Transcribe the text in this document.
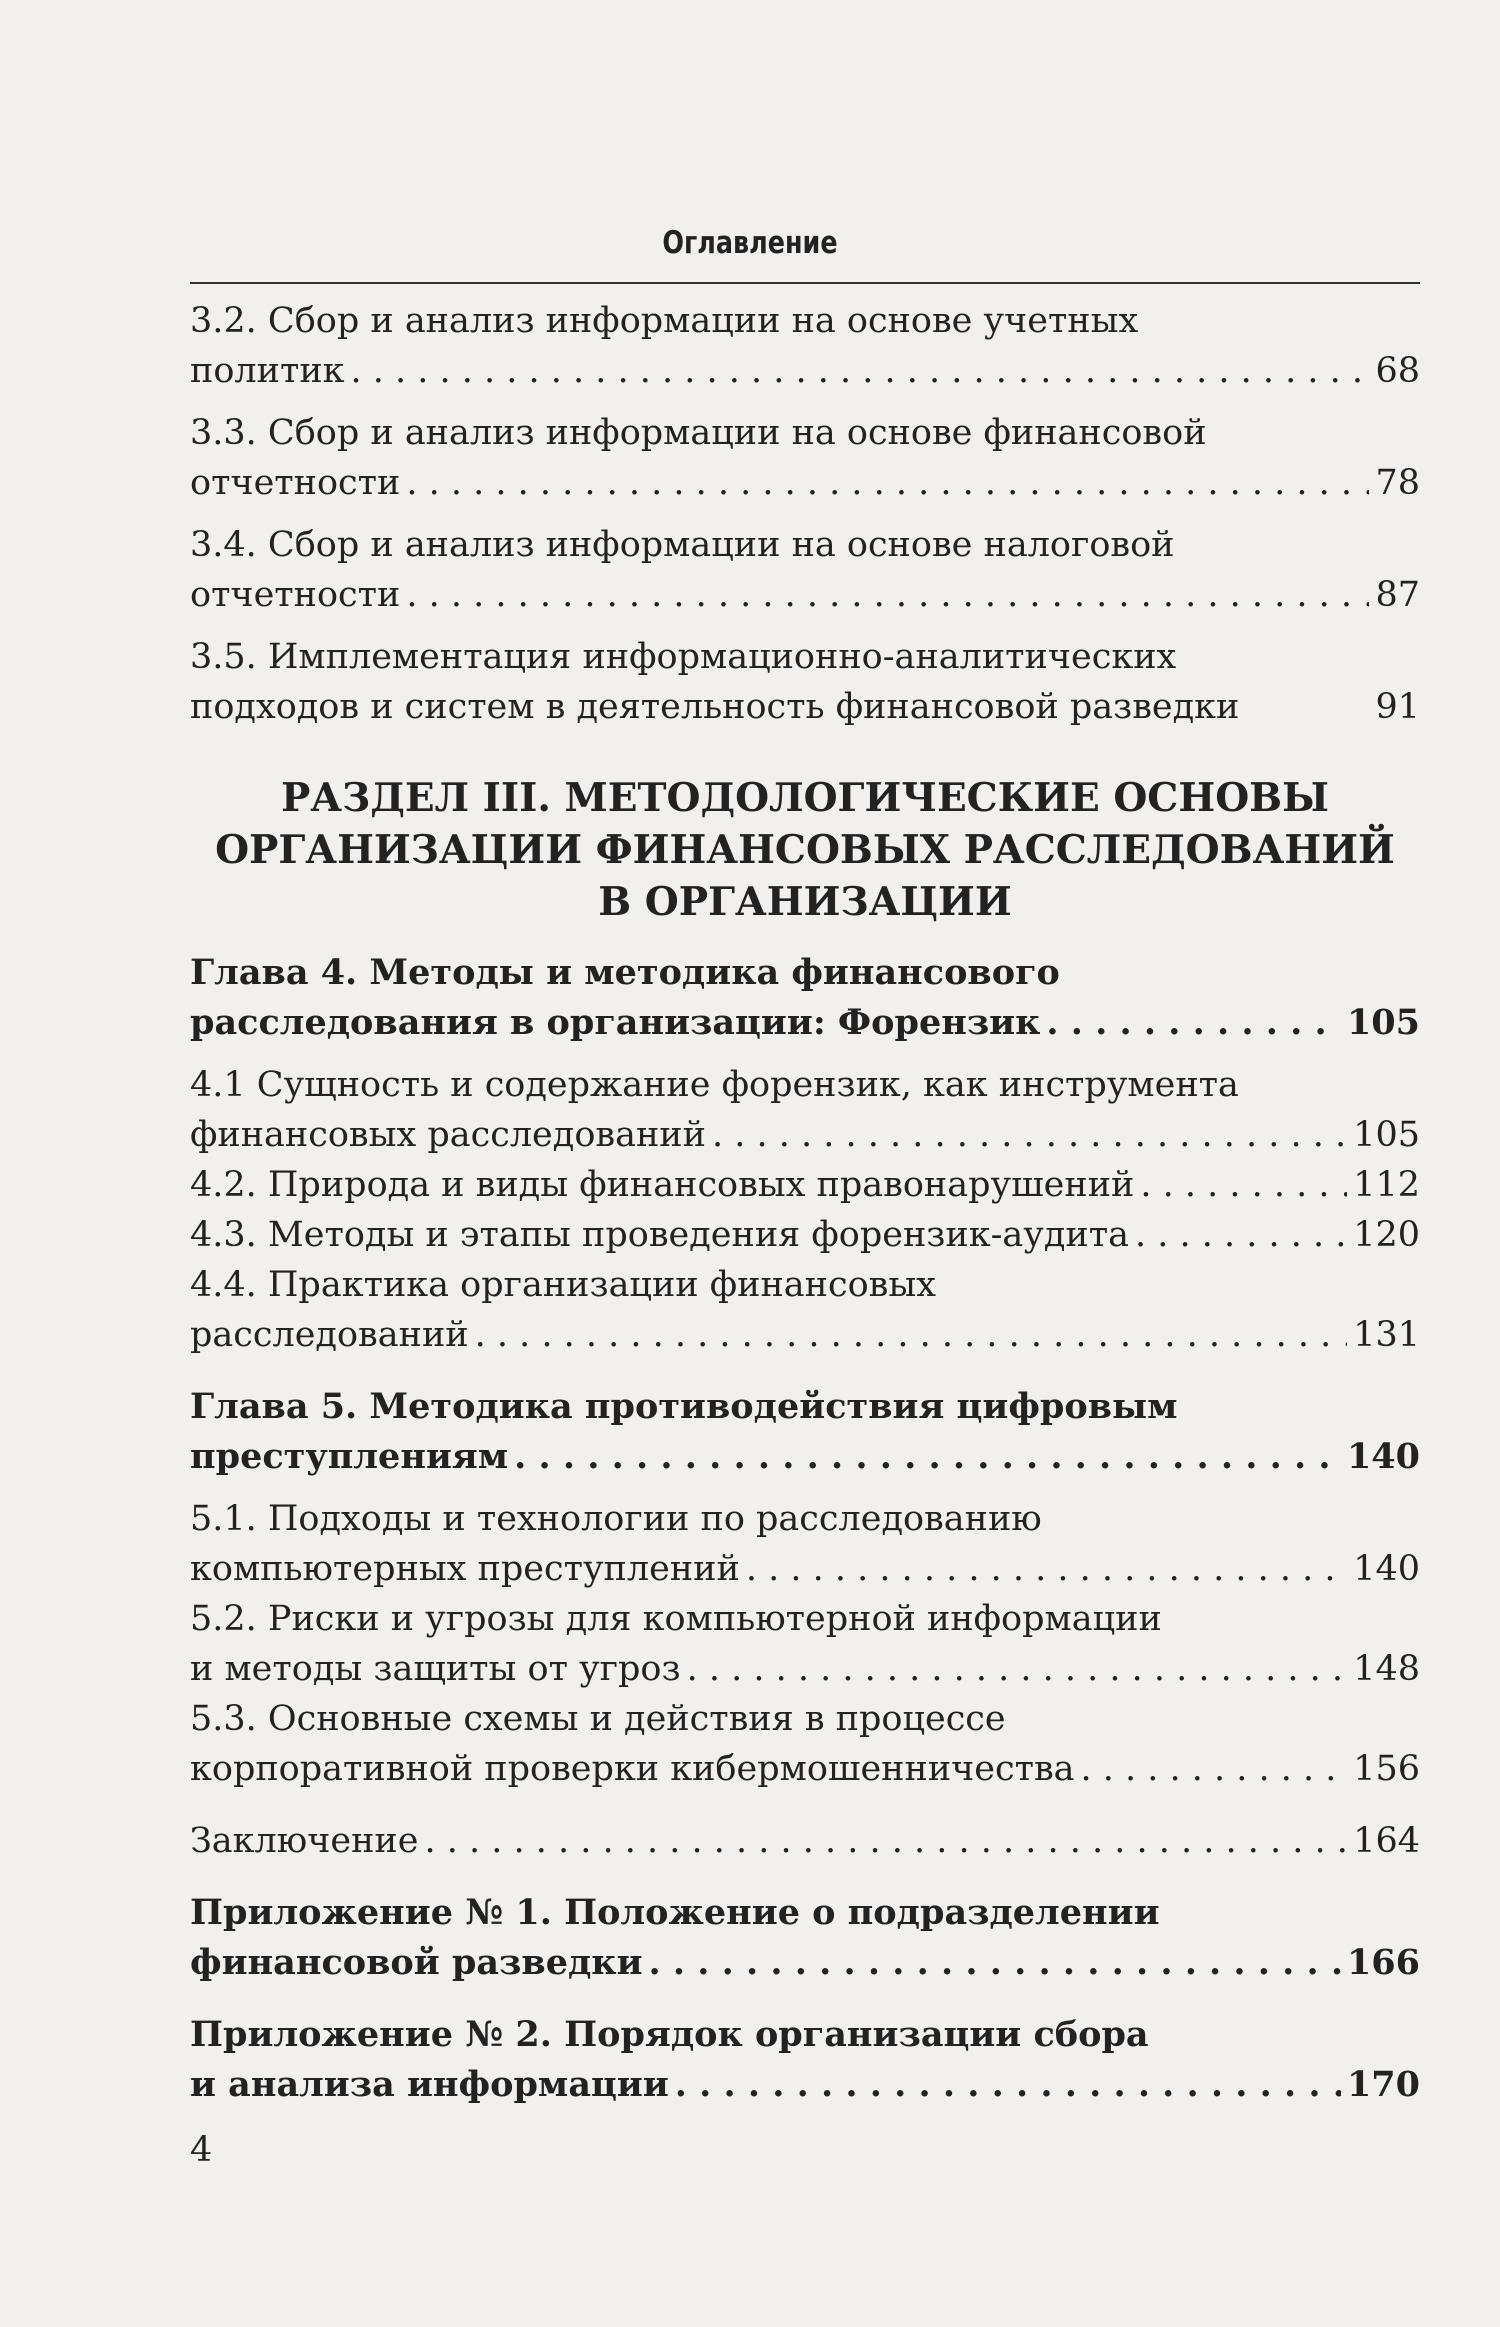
Оглавление
3.2. Сбор и анализ информации на основе учетных
политик . . .	68
3.3. Сбор и анализ информации на основе финансовой
отчетности . . .	78
3.4. Сбор и анализ информации на основе налоговой
отчетности . . .	87
3.5. Имплементация информационно-аналитических
подходов и систем в деятельность финансовой разведки	91
РАЗДЕЛ III. МЕТОДОЛОГИЧЕСКИЕ ОСНОВЫ
ОРГАНИЗАЦИИ ФИНАНСОВЫХ РАССЛЕДОВАНИЙ
В ОРГАНИЗАЦИИ
Глава 4. Методы и методика финансового
расследования в организации: Форензик . . .	105
4.1 Сущность и содержание форензик, как инструмента
финансовых расследований . . .	105
4.2. Природа и виды финансовых правонарушений . . .	112
4.3. Методы и этапы проведения форензик-аудита . . .	120
4.4. Практика организации финансовых
расследований . . .	131
Глава 5. Методика противодействия цифровым
преступлениям . . .	140
5.1. Подходы и технологии по расследованию
компьютерных преступлений . . .	140
5.2. Риски и угрозы для компьютерной информации
и методы защиты от угроз . . .	148
5.3. Основные схемы и действия в процессе
корпоративной проверки кибермошенничества . . .	156
Заключение . . .	164
Приложение № 1. Положение о подразделении
финансовой разведки . . .	166
Приложение № 2. Порядок организации сбора
и анализа информации . . .	170
4
